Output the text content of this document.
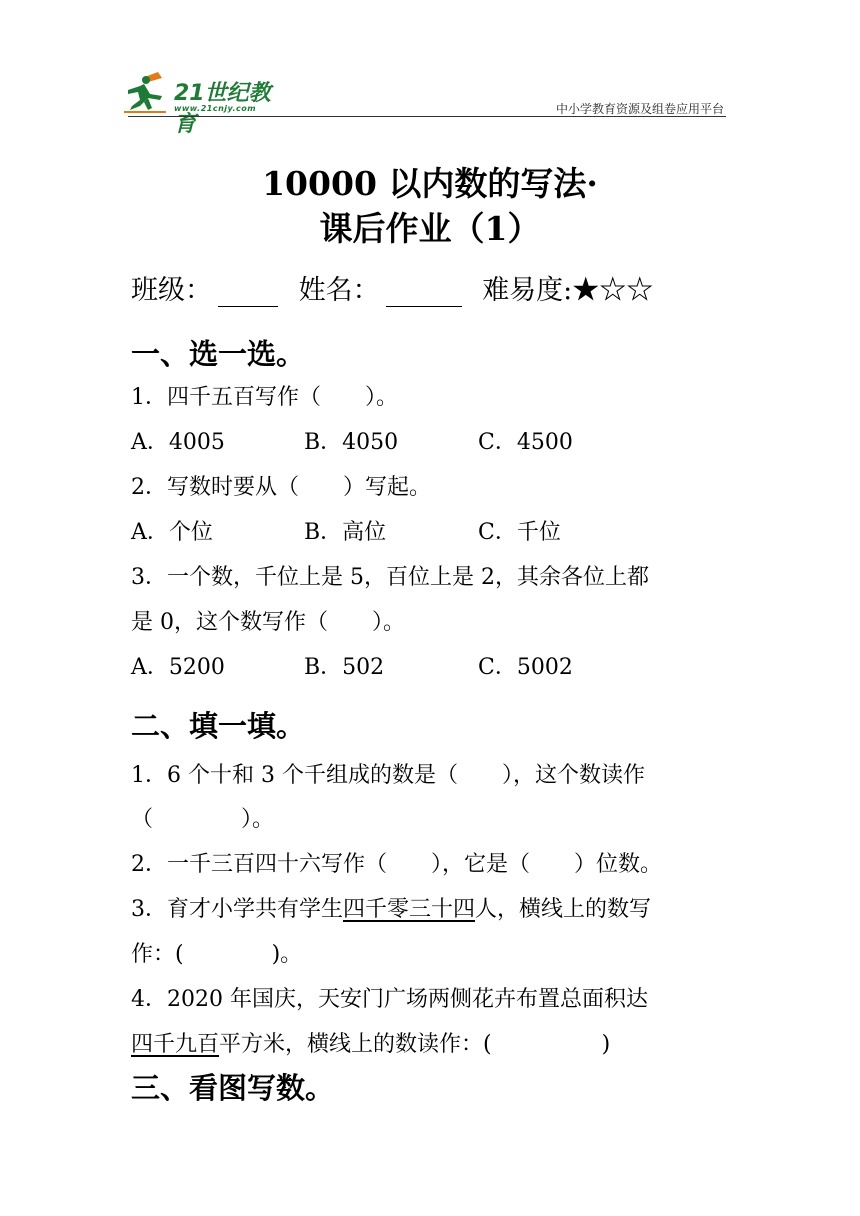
21世纪教育
www.21cnjy.com	中小学教育资源及组卷应用平台
10000 以内数的写法·
课后作业（1）
班级：	姓名：	难易度:★☆☆
一、选一选。
1．四千五百写作（　　）。
A．4005	B．4050	C．4500
2．写数时要从（　　）写起。
A．个位	B．高位	C．千位
3．一个数，千位上是 5，百位上是 2，其余各位上都
是 0，这个数写作（　　）。
A．5200	B．502	C．5002
二、填一填。
1．6 个十和 3 个千组成的数是（　　），这个数读作
（　　　　）。
2．一千三百四十六写作（　　），它是（　　）位数。
3．育才小学共有学生四千零三十四人，横线上的数写
作：(　　　　)。
4．2020 年国庆，天安门广场两侧花卉布置总面积达
四千九百平方米，横线上的数读作：(　　　　　)
三、看图写数。
